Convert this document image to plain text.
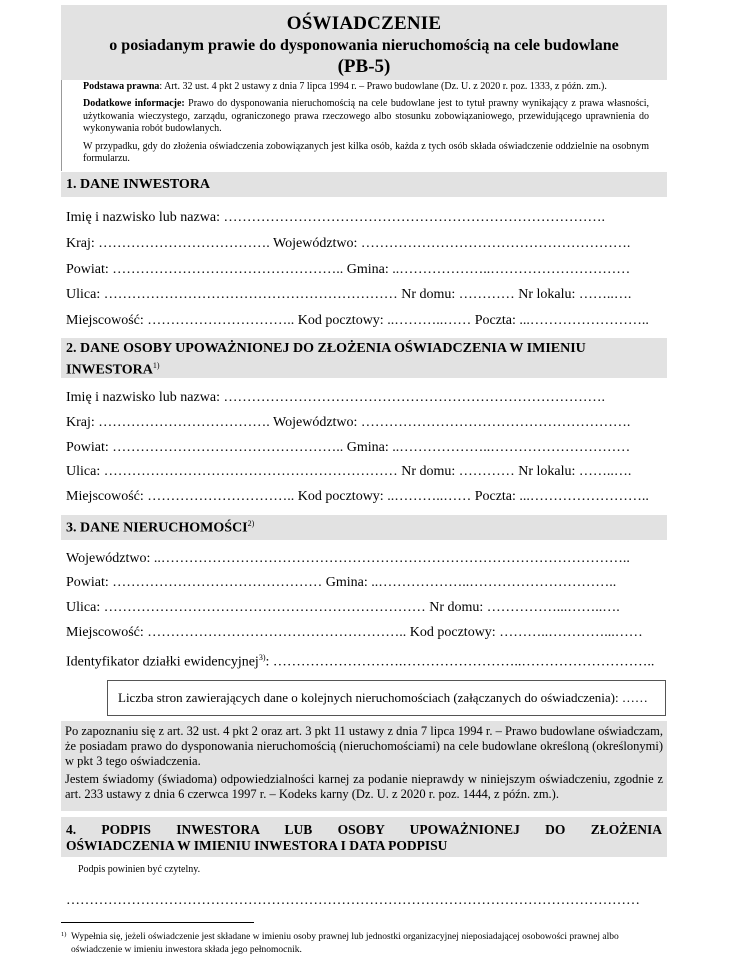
OŚWIADCZENIE
o posiadanym prawie do dysponowania nieruchomością na cele budowlane
(PB-5)

Podstawa prawna: Art. 32 ust. 4 pkt 2 ustawy z dnia 7 lipca 1994 r. – Prawo budowlane (Dz. U. z 2020 r. poz. 1333, z późn. zm.).

Dodatkowe informacje: Prawo do dysponowania nieruchomością na cele budowlane jest to tytuł prawny wynikający z prawa własności, użytkowania wieczystego, zarządu, ograniczonego prawa rzeczowego albo stosunku zobowiązaniowego, przewidującego uprawnienia do wykonywania robót budowlanych.

W przypadku, gdy do złożenia oświadczenia zobowiązanych jest kilka osób, każda z tych osób składa oświadczenie oddzielnie na osobnym formularzu.

1. DANE INWESTORA
Imię i nazwisko lub nazwa: ……………………………………………………………………….
Kraj: ………………………………. Województwo: ………………………………………………….
Powiat: ………………………………………….. Gmina: ..………………..…………………………
Ulica: ……………………………………………………… Nr domu: ………… Nr lokalu: ……..….
Miejscowość: ………………………….. Kod pocztowy: ..………..…… Poczta: ...……………………..
2. DANE OSOBY UPOWAŻNIONEJ DO ZŁOŻENIA OŚWIADCZENIA W IMIENIU
INWESTORA$^{1)}$
Imię i nazwisko lub nazwa: ……………………………………………………………………….
Kraj: ………………………………. Województwo: ………………………………………………….
Powiat: ………………………………………….. Gmina: ..………………..…………………………
Ulica: ……………………………………………………… Nr domu: ………… Nr lokalu: ……..….
Miejscowość: ………………………….. Kod pocztowy: ..………..…… Poczta: ...……………………..
3. DANE NIERUCHOMOŚCI$^{2)}$
Województwo: ..………………………………………………………………………………………..
Powiat: ……………………………………… Gmina: ..………………..…………………………..
Ulica: …………………………………………………………… Nr domu: ……………...……..….
Miejscowość: ……………………………………………….. Kod pocztowy: ………..…………...……
Identyfikator działki ewidencyjnej$^{3)}$: ……………………….……………………..………………………..
Liczba stron zawierających dane o kolejnych nieruchomościach (załączanych do oświadczenia): ……

Po zapoznaniu się z art. 32 ust. 4 pkt 2 oraz art. 3 pkt 11 ustawy z dnia 7 lipca 1994 r. – Prawo budowlane oświadczam, że posiadam prawo do dysponowania nieruchomością (nieruchomościami) na cele budowlane określoną (określonymi) w pkt 3 tego oświadczenia.

Jestem świadomy (świadoma) odpowiedzialności karnej za podanie nieprawdy w niniejszym oświadczeniu, zgodnie z art. 233 ustawy z dnia 6 czerwca 1997 r. – Kodeks karny (Dz. U. z 2020 r. poz. 1444, z późn. zm.).

4. PODPIS INWESTORA LUB OSOBY UPOWAŻNIONEJ DO ZŁOŻENIA
OŚWIADCZENIA W IMIENIU INWESTORA I DATA PODPISU
Podpis powinien być czytelny.
……………………………………………………………………………………………………………
1) Wypełnia się, jeżeli oświadczenie jest składane w imieniu osoby prawnej lub jednostki organizacyjnej nieposiadającej osobowości prawnej albo oświadczenie w imieniu inwestora składa jego pełnomocnik.
